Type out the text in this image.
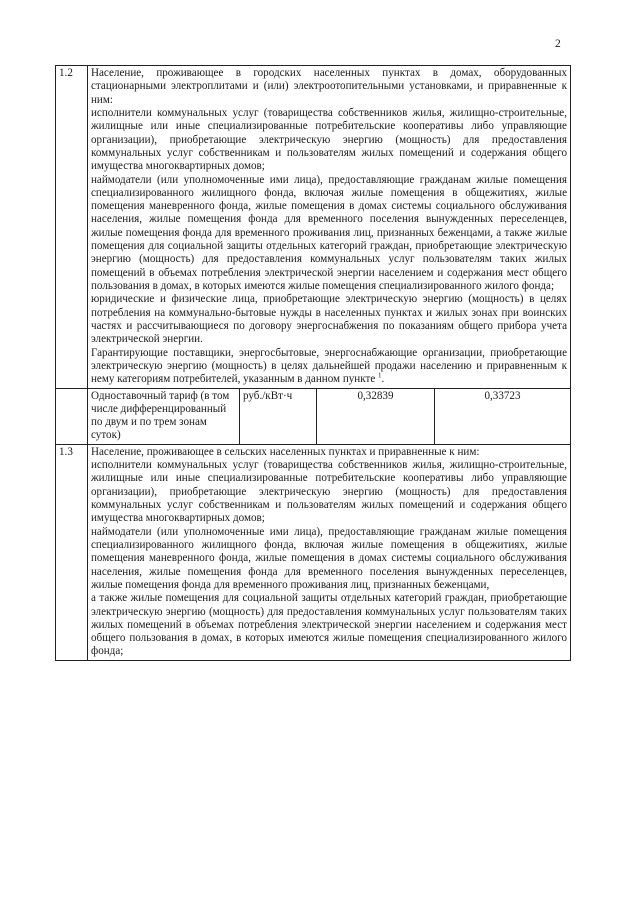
2
1.2	Население, проживающее в городских населенных пунктах в домах, оборудованных стационарными электроплитами и (или) электроотопительными установками, и приравненные к ним:

исполнители коммунальных услуг (товарищества собственников жилья, жилищно-строительные, жилищные или иные специализированные потребительские кооперативы либо управляющие организации), приобретающие электрическую энергию (мощность) для предоставления коммунальных услуг собственникам и пользователям жилых помещений и содержания общего имущества многоквартирных домов;

наймодатели (или уполномоченные ими лица), предоставляющие гражданам жилые помещения специализированного жилищного фонда, включая жилые помещения в общежитиях, жилые помещения маневренного фонда, жилые помещения в домах системы социального обслуживания населения, жилые помещения фонда для временного поселения вынужденных переселенцев, жилые помещения фонда для временного проживания лиц, признанных беженцами, а также жилые помещения для социальной защиты отдельных категорий граждан, приобретающие электрическую энергию (мощность) для предоставления коммунальных услуг пользователям таких жилых помещений в объемах потребления электрической энергии населением и содержания мест общего пользования в домах, в которых имеются жилые помещения специализированного жилого фонда;

юридические и физические лица, приобретающие электрическую энергию (мощность) в целях потребления на коммунально-бытовые нужды в населенных пунктах и жилых зонах при воинских частях и рассчитывающиеся по договору энергоснабжения по показаниям общего прибора учета электрической энергии.

Гарантирующие поставщики, энергосбытовые, энергоснабжающие организации, приобретающие электрическую энергию (мощность) в целях дальнейшей продажи населению и приравненным к нему категориям потребителей, указанным в данном пункте $^1$.			

	Одноставочный тариф (в том числе дифференцированный по двум и по трем зонам суток)	руб./кВт·ч	0,32839	0,33723
1.3	Население, проживающее в сельских населенных пунктах и приравненные к ним:

исполнители коммунальных услуг (товарищества собственников жилья, жилищно-строительные, жилищные или иные специализированные потребительские кооперативы либо управляющие организации), приобретающие электрическую энергию (мощность) для предоставления коммунальных услуг собственникам и пользователям жилых помещений и содержания общего имущества многоквартирных домов;

наймодатели (или уполномоченные ими лица), предоставляющие гражданам жилые помещения специализированного жилищного фонда, включая жилые помещения в общежитиях, жилые помещения маневренного фонда, жилые помещения в домах системы социального обслуживания населения, жилые помещения фонда для временного поселения вынужденных переселенцев, жилые помещения фонда для временного проживания лиц, признанных беженцами,

а также жилые помещения для социальной защиты отдельных категорий граждан, приобретающие электрическую энергию (мощность) для предоставления коммунальных услуг пользователям таких жилых помещений в объемах потребления электрической энергии населением и содержания мест общего пользования в домах, в которых имеются жилые помещения специализированного жилого фонда;			
